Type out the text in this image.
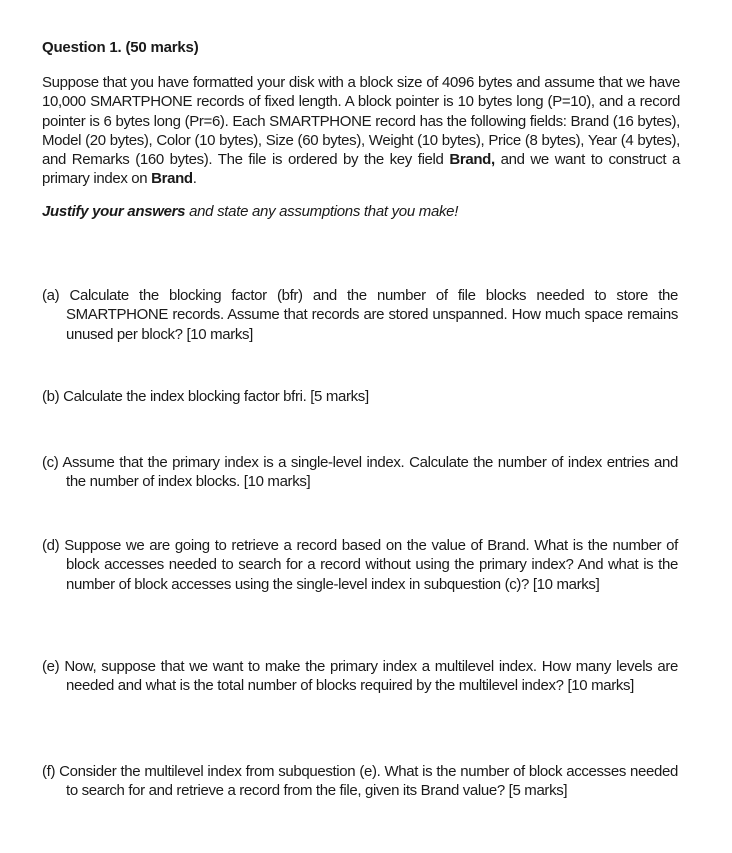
Question 1. (50 marks)

Suppose that you have formatted your disk with a block size of 4096 bytes and assume that we have 10,000 SMARTPHONE records of fixed length. A block pointer is 10 bytes long (P=10), and a record pointer is 6 bytes long (Pr=6). Each SMARTPHONE record has the following fields: Brand (16 bytes), Model (20 bytes), Color (10 bytes), Size (60 bytes), Weight (10 bytes), Price (8 bytes), Year (4 bytes), and Remarks (160 bytes). The file is ordered by the key field Brand, and we want to construct a primary index on Brand.

Justify your answers and state any assumptions that you make!

(a) Calculate the blocking factor (bfr) and the number of file blocks needed to store the SMARTPHONE records. Assume that records are stored unspanned. How much space remains unused per block? [10 marks]
(b) Calculate the index blocking factor bfri. [5 marks]
(c) Assume that the primary index is a single-level index. Calculate the number of index entries and the number of index blocks. [10 marks]
(d) Suppose we are going to retrieve a record based on the value of Brand. What is the number of block accesses needed to search for a record without using the primary index? And what is the number of block accesses using the single-level index in subquestion (c)? [10 marks]
(e) Now, suppose that we want to make the primary index a multilevel index. How many levels are needed and what is the total number of blocks required by the multilevel index? [10 marks]
(f) Consider the multilevel index from subquestion (e). What is the number of block accesses needed to search for and retrieve a record from the file, given its Brand value? [5 marks]
